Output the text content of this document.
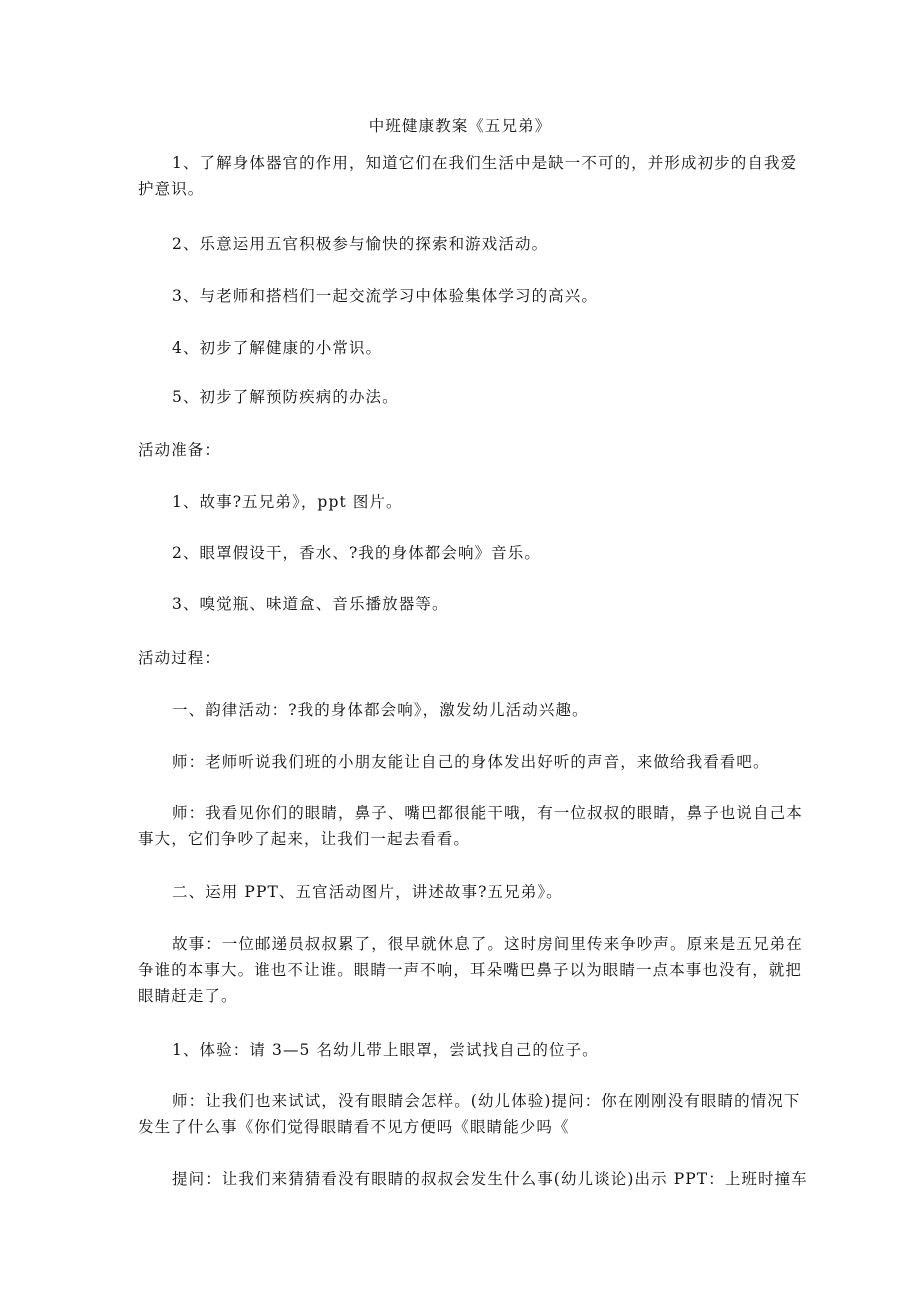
中班健康教案《五兄弟》
1、了解身体器官的作用，知道它们在我们生活中是缺一不可的，并形成初步的自我爱
护意识。
2、乐意运用五官积极参与愉快的探索和游戏活动。
3、与老师和搭档们一起交流学习中体验集体学习的高兴。
4、初步了解健康的小常识。
5、初步了解预防疾病的办法。
活动准备：
1、故事?五兄弟》，ppt 图片。
2、眼罩假设干，香水、?我的身体都会响》音乐。
3、嗅觉瓶、味道盒、音乐播放器等。
活动过程：
一、韵律活动：?我的身体都会响》，激发幼儿活动兴趣。
师：老师听说我们班的小朋友能让自己的身体发出好听的声音，来做给我看看吧。
师：我看见你们的眼睛，鼻子、嘴巴都很能干哦，有一位叔叔的眼睛，鼻子也说自己本
事大，它们争吵了起来，让我们一起去看看。
二、运用 PPT、五官活动图片，讲述故事?五兄弟》。
故事：一位邮递员叔叔累了，很早就休息了。这时房间里传来争吵声。原来是五兄弟在
争谁的本事大。谁也不让谁。眼睛一声不响，耳朵嘴巴鼻子以为眼睛一点本事也没有，就把
眼睛赶走了。
1、体验：请 3—5 名幼儿带上眼罩，尝试找自己的位子。
师：让我们也来试试，没有眼睛会怎样。(幼儿体验)提问：你在刚刚没有眼睛的情况下
发生了什么事《你们觉得眼睛看不见方便吗《眼睛能少吗《
提问：让我们来猜猜看没有眼睛的叔叔会发生什么事(幼儿谈论)出示 PPT：上班时撞车
